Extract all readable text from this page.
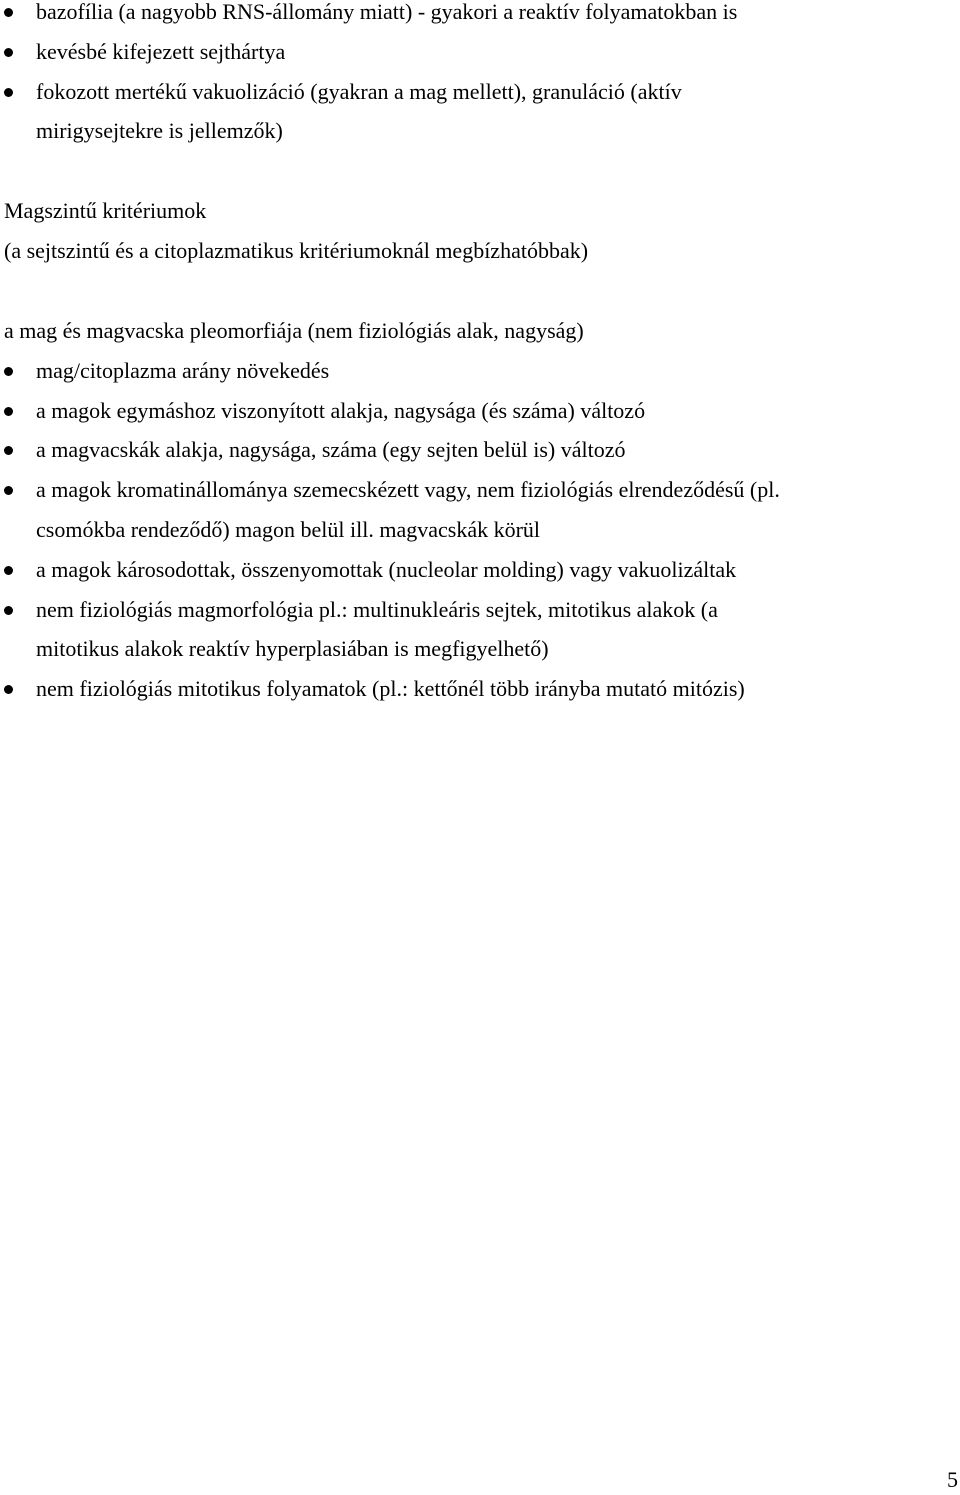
bazofília (a nagyobb RNS-állomány miatt) - gyakori a reaktív folyamatokban is
kevésbé kifejezett sejthártya
fokozott mertékű vakuolizáció (gyakran a mag mellett), granuláció (aktív
mirigysejtekre is jellemzők)
Magszintű kritériumok
(a sejtszintű és a citoplazmatikus kritériumoknál megbízhatóbbak)
a mag és magvacska pleomorfiája (nem fiziológiás alak, nagyság)
mag/citoplazma arány növekedés
a magok egymáshoz viszonyított alakja, nagysága (és száma) változó
a magvacskák alakja, nagysága, száma (egy sejten belül is) változó
a magok kromatinállománya szemecskézett vagy, nem fiziológiás elrendeződésű (pl.
csomókba rendeződő) magon belül ill. magvacskák körül
a magok károsodottak, összenyomottak (nucleolar molding) vagy vakuolizáltak
nem fiziológiás magmorfológia pl.: multinukleáris sejtek, mitotikus alakok (a
mitotikus alakok reaktív hyperplasiában is megfigyelhető)
nem fiziológiás mitotikus folyamatok (pl.: kettőnél több irányba mutató mitózis)
5
